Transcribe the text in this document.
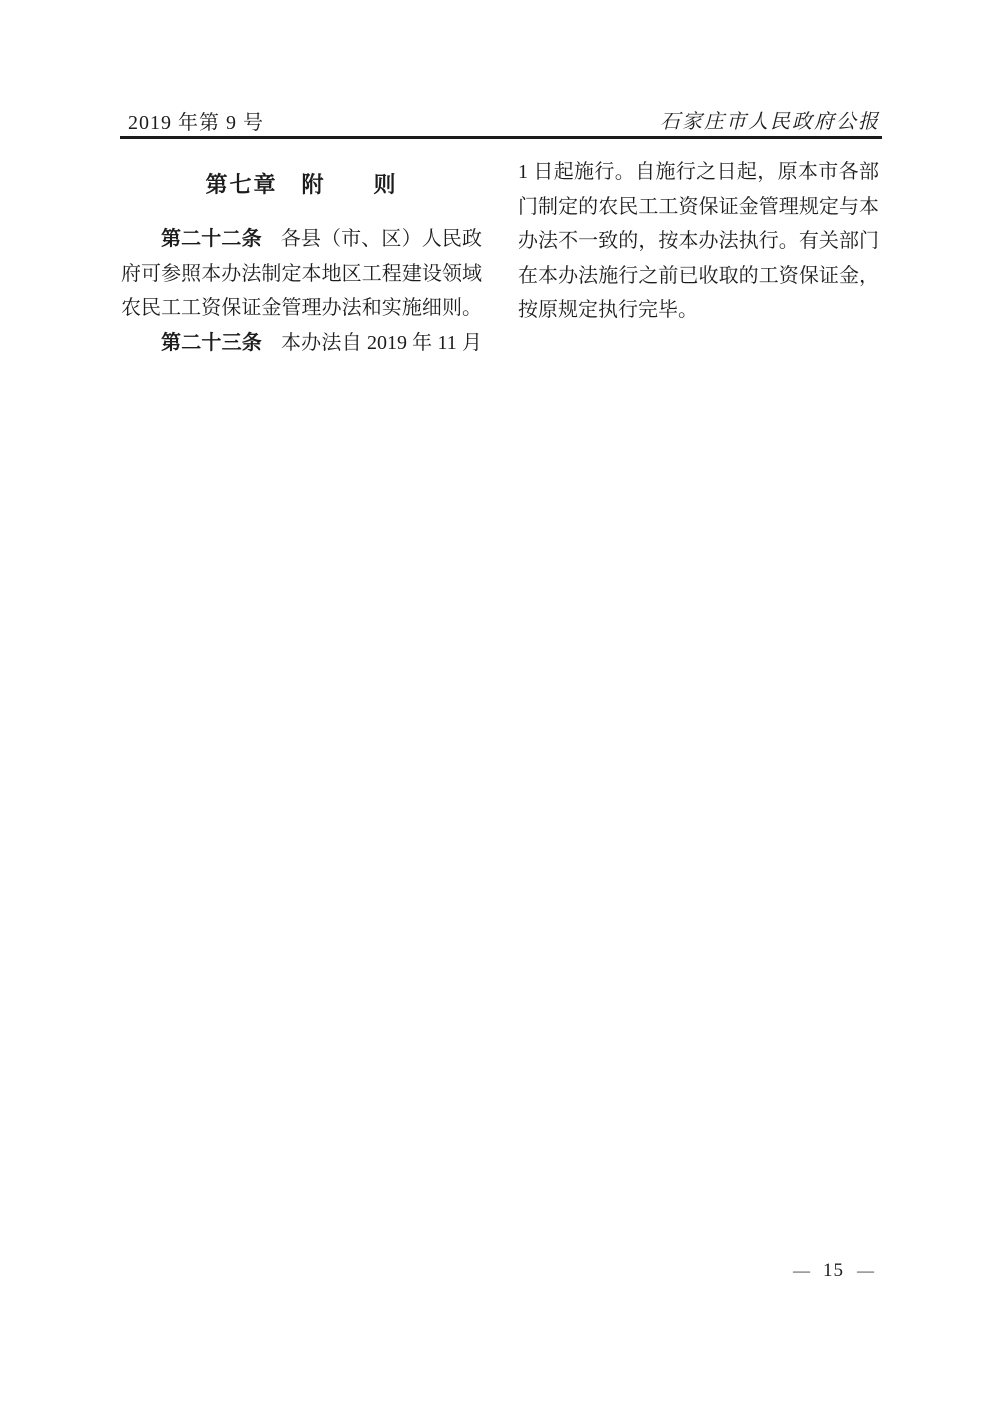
2019 年第 9 号	石家庄市人民政府公报
第七章　附　　则
第二十二条 各县（市、区）人民政
府可参照本办法制定本地区工程建设领域
农民工工资保证金管理办法和实施细则。
第二十三条 本办法自 2019 年 11 月
1 日起施行。自施行之日起，原本市各部
门制定的农民工工资保证金管理规定与本
办法不一致的，按本办法执行。有关部门
在本办法施行之前已收取的工资保证金，
按原规定执行完毕。
— 15 —
